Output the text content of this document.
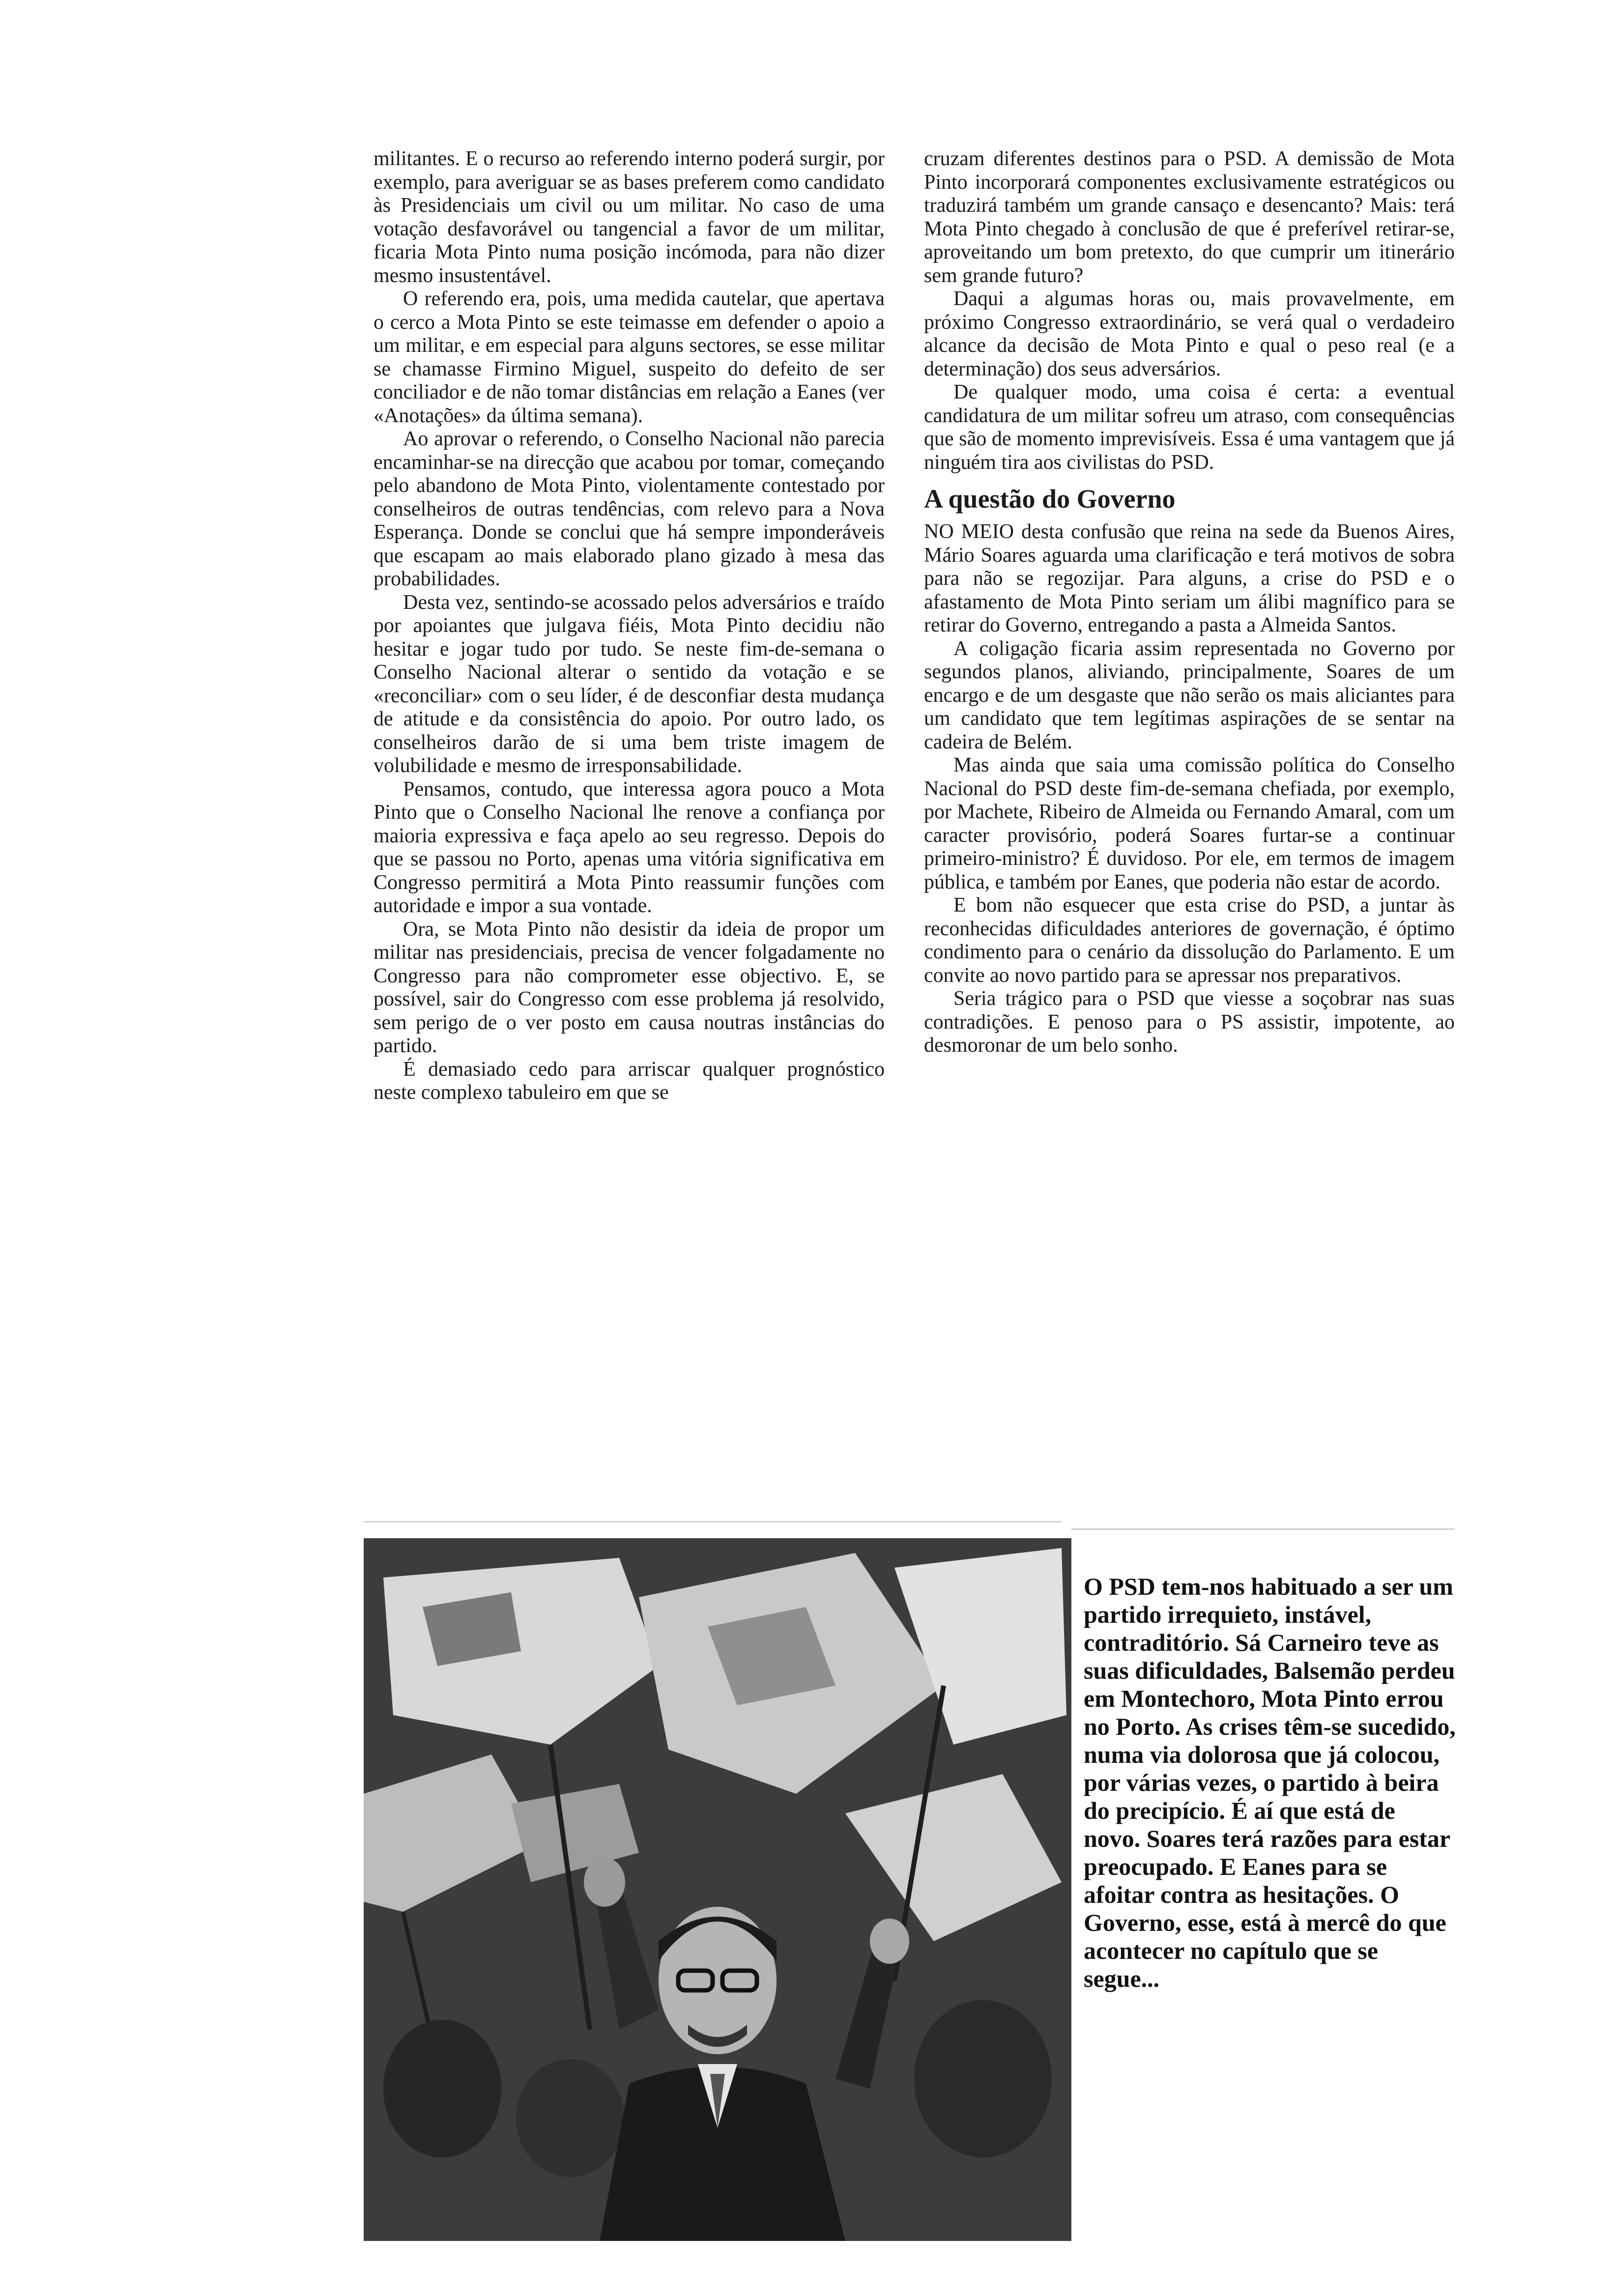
militantes. E o recurso ao referendo interno poderá surgir, por exemplo, para averiguar se as bases preferem como candidato às Presidenciais um civil ou um militar. No caso de uma votação desfavorável ou tangencial a favor de um militar, ficaria Mota Pinto numa posição incómoda, para não dizer mesmo insustentável.

O referendo era, pois, uma medida cautelar, que apertava o cerco a Mota Pinto se este teimasse em defender o apoio a um militar, e em especial para alguns sectores, se esse militar se chamasse Firmino Miguel, suspeito do defeito de ser conciliador e de não tomar distâncias em relação a Eanes (ver «Anotações» da última semana).

Ao aprovar o referendo, o Conselho Nacional não parecia encaminhar-se na direcção que acabou por tomar, começando pelo abandono de Mota Pinto, violentamente contestado por conselheiros de outras tendências, com relevo para a Nova Esperança. Donde se conclui que há sempre imponderáveis que escapam ao mais elaborado plano gizado à mesa das probabilidades.

Desta vez, sentindo-se acossado pelos adversários e traído por apoiantes que julgava fiéis, Mota Pinto decidiu não hesitar e jogar tudo por tudo. Se neste fim-de-semana o Conselho Nacional alterar o sentido da votação e se «reconciliar» com o seu líder, é de desconfiar desta mudança de atitude e da consistência do apoio. Por outro lado, os conselheiros darão de si uma bem triste imagem de volubilidade e mesmo de irresponsabilidade.

Pensamos, contudo, que interessa agora pouco a Mota Pinto que o Conselho Nacional lhe renove a confiança por maioria expressiva e faça apelo ao seu regresso. Depois do que se passou no Porto, apenas uma vitória significativa em Congresso permitirá a Mota Pinto reassumir funções com autoridade e impor a sua vontade.

Ora, se Mota Pinto não desistir da ideia de propor um militar nas presidenciais, precisa de vencer folgadamente no Congresso para não comprometer esse objectivo. E, se possível, sair do Congresso com esse problema já resolvido, sem perigo de o ver posto em causa noutras instâncias do partido.

É demasiado cedo para arriscar qualquer prognóstico neste complexo tabuleiro em que se

cruzam diferentes destinos para o PSD. A demissão de Mota Pinto incorporará componentes exclusivamente estratégicos ou traduzirá também um grande cansaço e desencanto? Mais: terá Mota Pinto chegado à conclusão de que é preferível retirar-se, aproveitando um bom pretexto, do que cumprir um itinerário sem grande futuro?

Daqui a algumas horas ou, mais provavelmente, em próximo Congresso extraordinário, se verá qual o verdadeiro alcance da decisão de Mota Pinto e qual o peso real (e a determinação) dos seus adversários.

De qualquer modo, uma coisa é certa: a eventual candidatura de um militar sofreu um atraso, com consequências que são de momento imprevisíveis. Essa é uma vantagem que já ninguém tira aos civilistas do PSD.

A questão do Governo

NO MEIO desta confusão que reina na sede da Buenos Aires, Mário Soares aguarda uma clarificação e terá motivos de sobra para não se regozijar. Para alguns, a crise do PSD e o afastamento de Mota Pinto seriam um álibi magnífico para se retirar do Governo, entregando a pasta a Almeida Santos.

A coligação ficaria assim representada no Governo por segundos planos, aliviando, principalmente, Soares de um encargo e de um desgaste que não serão os mais aliciantes para um candidato que tem legítimas aspirações de se sentar na cadeira de Belém.

Mas ainda que saia uma comissão política do Conselho Nacional do PSD deste fim-de-semana chefiada, por exemplo, por Machete, Ribeiro de Almeida ou Fernando Amaral, com um caracter provisório, poderá Soares furtar-se a continuar primeiro-ministro? É duvidoso. Por ele, em termos de imagem pública, e também por Eanes, que poderia não estar de acordo.

E bom não esquecer que esta crise do PSD, a juntar às reconhecidas dificuldades anteriores de governação, é óptimo condimento para o cenário da dissolução do Parlamento. E um convite ao novo partido para se apressar nos preparativos.

Seria trágico para o PSD que viesse a soçobrar nas suas contradições. E penoso para o PS assistir, impotente, ao desmoronar de um belo sonho.

O PSD tem-nos habituado a ser um partido irrequieto, instável, contraditório. Sá Carneiro teve as suas dificuldades, Balsemão perdeu em Montechoro, Mota Pinto errou no Porto. As crises têm-se sucedido, numa via dolorosa que já colocou, por várias vezes, o partido à beira do precipício. É aí que está de novo. Soares terá razões para estar preocupado. E Eanes para se afoitar contra as hesitações. O Governo, esse, está à mercê do que acontecer no capítulo que se segue...
